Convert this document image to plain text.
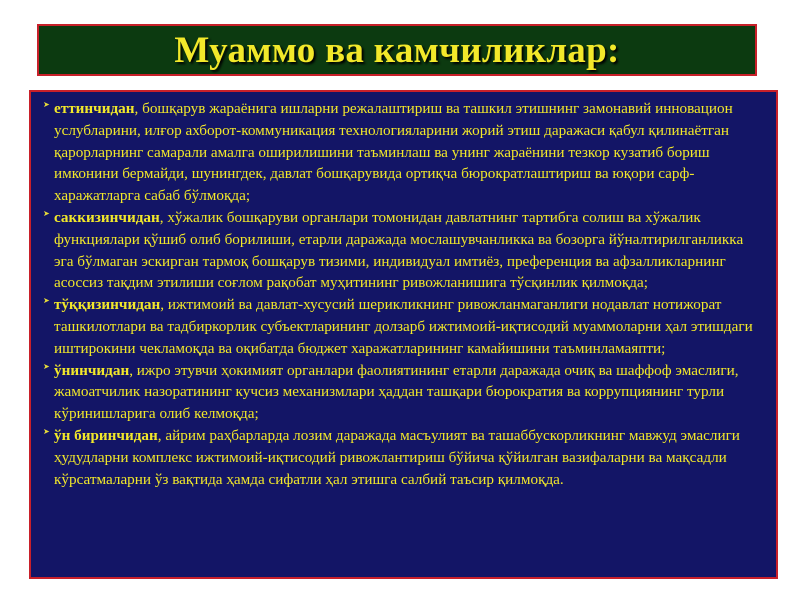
Муаммо ва камчиликлар:

➤ еттинчидан, бошқарув жараёнига ишларни режалаштириш ва ташкил этишнинг замонавий инновацион услубларини, илғор ахборот-коммуникация технологияларини жорий этиш даражаси қабул қилинаётган қарорларнинг самарали амалга оширилишини таъминлаш ва унинг жараёнини тезкор кузатиб бориш имконини бермайди, шунингдек, давлат бошқарувида ортиқча бюрократлаштириш ва юқори сарф-харажатларга сабаб бўлмоқда;

➤ саккизинчидан, хўжалик бошқаруви органлари томонидан давлатнинг тартибга солиш ва хўжалик функциялари қўшиб олиб борилиши, етарли даражада мослашувчанликка ва бозорга йўналтирилганликка эга бўлмаган эскирган тармоқ бошқарув тизими, индивидуал имтиёз, преференция ва афзалликларнинг асоссиз тақдим этилиши соғлом рақобат муҳитининг ривожланишига тўсқинлик қилмоқда;

➤ тўққизинчидан, ижтимоий ва давлат-хусусий шерикликнинг ривожланмаганлиги нодавлат нотижорат ташкилотлари ва тадбиркорлик субъектларининг долзарб ижтимоий-иқтисодий муаммоларни ҳал этишдаги иштирокини чекламоқда ва оқибатда бюджет харажатларининг камайишини таъминламаяпти;

➤ ўнинчидан, ижро этувчи ҳокимият органлари фаолиятининг етарли даражада очиқ ва шаффоф эмаслиги, жамоатчилик назоратининг кучсиз механизмлари ҳаддан ташқари бюрократия ва коррупциянинг турли кўринишларига олиб келмоқда;

➤ ўн биринчидан, айрим раҳбарларда лозим даражада масъулият ва ташаббускорликнинг мавжуд эмаслиги ҳудудларни комплекс ижтимоий-иқтисодий ривожлантириш бўйича қўйилган вазифаларни ва мақсадли кўрсатмаларни ўз вақтида ҳамда сифатли ҳал этишга салбий таъсир қилмоқда.
